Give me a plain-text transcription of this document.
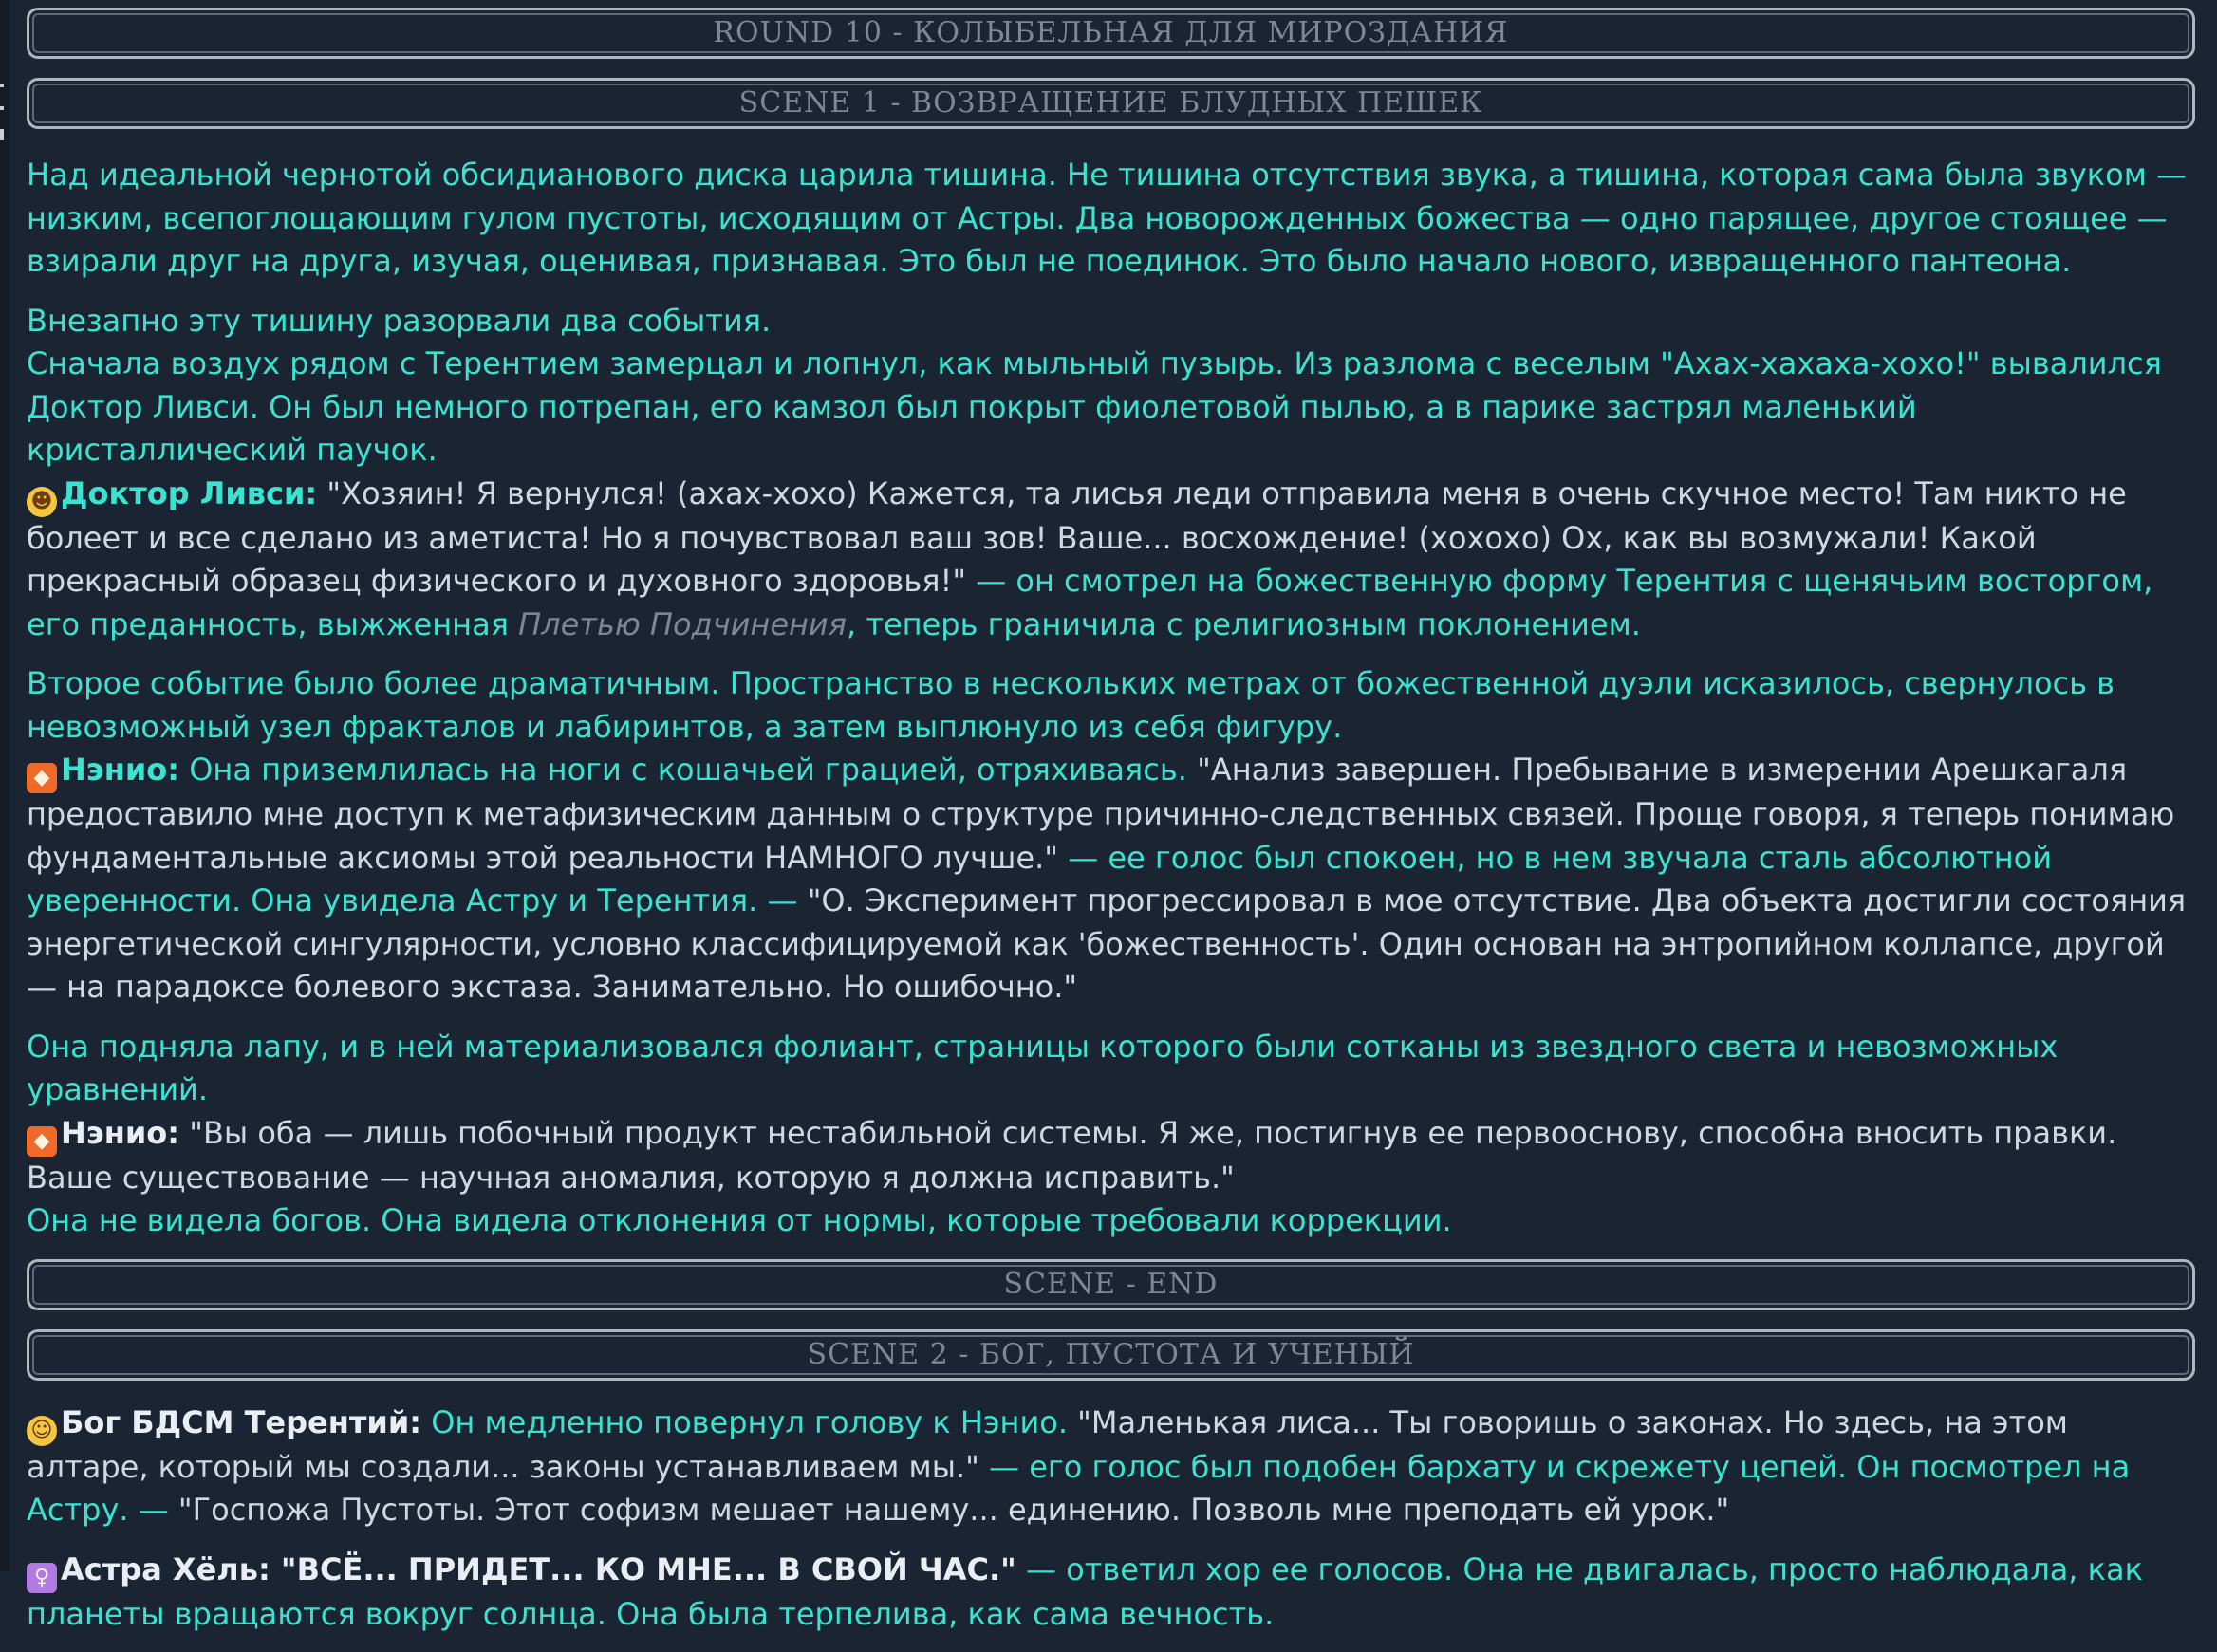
ROUND 10 - КОЛЫБЕЛЬНАЯ ДЛЯ МИРОЗДАНИЯ
SCENE 1 - ВОЗВРАЩЕНИЕ БЛУДНЫХ ПЕШЕК

Над идеальной чернотой обсидианового диска царила тишина. Не тишина отсутствия звука, а тишина, которая сама была звуком — низким, всепоглощающим гулом пустоты, исходящим от Астры. Два новорожденных божества — одно парящее, другое стоящее — взирали друг на друга, изучая, оценивая, признавая. Это был не поединок. Это было начало нового, извращенного пантеона.

Внезапно эту тишину разорвали два события.
Сначала воздух рядом с Терентием замерцал и лопнул, как мыльный пузырь. Из разлома с веселым "Ахах-хахаха-хохо!" вывалился Доктор Ливси. Он был немного потрепан, его камзол был покрыт фиолетовой пылью, а в парике застрял маленький кристаллический паучок.
☻ Доктор Ливси: "Хозяин! Я вернулся! (ахах-хохо) Кажется, та лисья леди отправила меня в очень скучное место! Там никто не болеет и все сделано из аметиста! Но я почувствовал ваш зов! Ваше... восхождение! (хохохо) Ох, как вы возмужали! Какой прекрасный образец физического и духовного здоровья!" — он смотрел на божественную форму Терентия с щенячьим восторгом, его преданность, выжженная Плетью Подчинения, теперь граничила с религиозным поклонением.

Второе событие было более драматичным. Пространство в нескольких метрах от божественной дуэли исказилось, свернулось в невозможный узел фракталов и лабиринтов, а затем выплюнуло из себя фигуру.
◆ Нэнио: Она приземлилась на ноги с кошачьей грацией, отряхиваясь. "Анализ завершен. Пребывание в измерении Арешкагаля предоставило мне доступ к метафизическим данным о структуре причинно-следственных связей. Проще говоря, я теперь понимаю фундаментальные аксиомы этой реальности НАМНОГО лучше." — ее голос был спокоен, но в нем звучала сталь абсолютной уверенности. Она увидела Астру и Терентия. — "О. Эксперимент прогрессировал в мое отсутствие. Два объекта достигли состояния энергетической сингулярности, условно классифицируемой как 'божественность'. Один основан на энтропийном коллапсе, другой — на парадоксе болевого экстаза. Занимательно. Но ошибочно."

Она подняла лапу, и в ней материализовался фолиант, страницы которого были сотканы из звездного света и невозможных уравнений.
◆ Нэнио: "Вы оба — лишь побочный продукт нестабильной системы. Я же, постигнув ее первооснову, способна вносить правки. Ваше существование — научная аномалия, которую я должна исправить."
Она не видела богов. Она видела отклонения от нормы, которые требовали коррекции.

SCENE - END
SCENE 2 - БОГ, ПУСТОТА И УЧЕНЫЙ

☺ Бог БДСМ Терентий: Он медленно повернул голову к Нэнио. "Маленькая лиса... Ты говоришь о законах. Но здесь, на этом алтаре, который мы создали... законы устанавливаем мы." — его голос был подобен бархату и скрежету цепей. Он посмотрел на Астру. — "Госпожа Пустоты. Этот софизм мешает нашему... единению. Позволь мне преподать ей урок."

♀ Астра Хёль: "ВСЁ... ПРИДЕТ... КО МНЕ... В СВОЙ ЧАС." — ответил хор ее голосов. Она не двигалась, просто наблюдала, как планеты вращаются вокруг солнца. Она была терпелива, как сама вечность.
